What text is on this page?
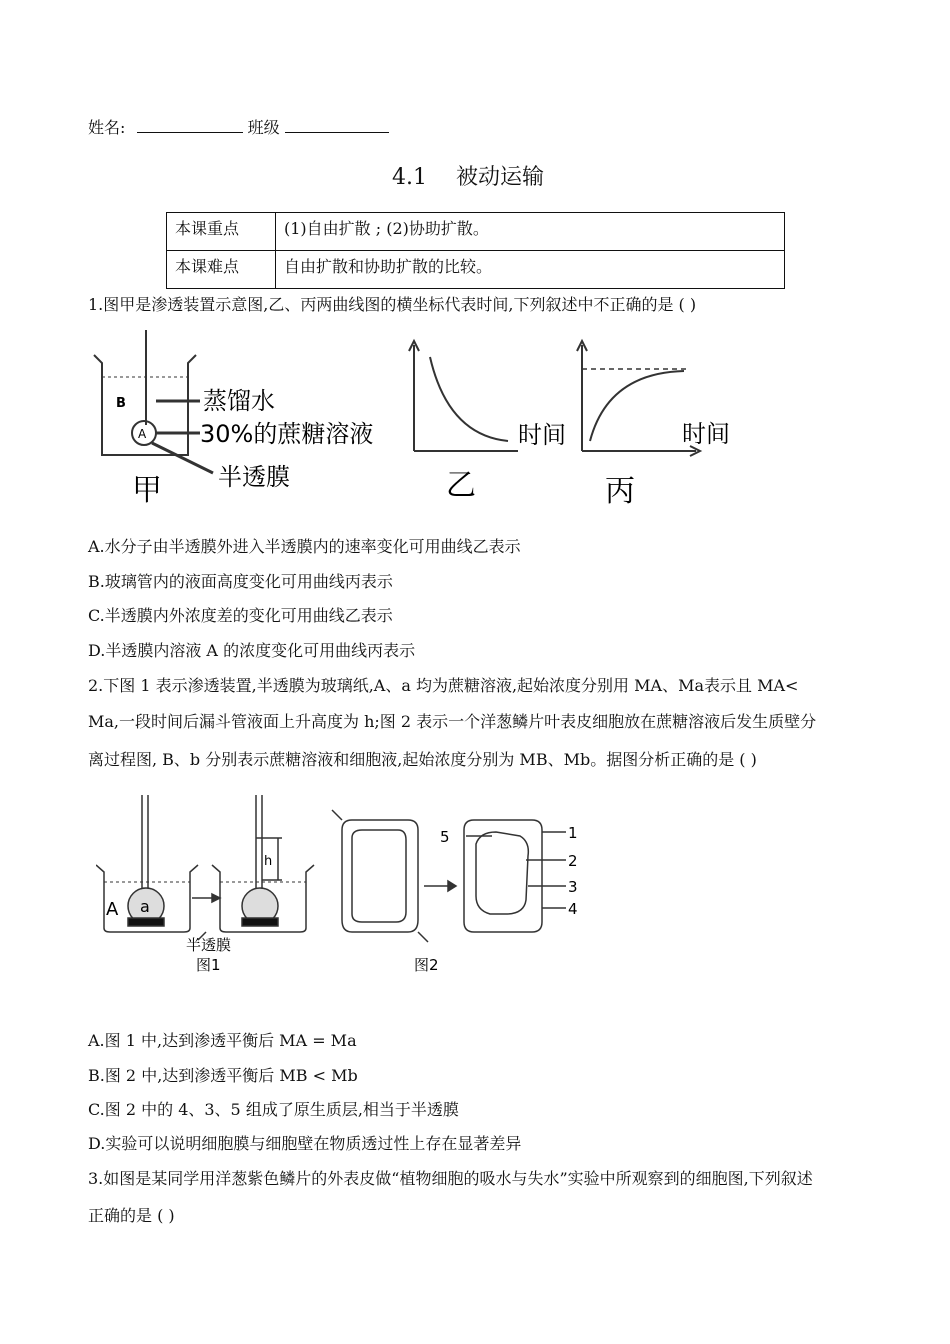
姓名:	班级
4.1 被动运输
本课重点	(1)自由扩散 ; (2)协助扩散。
本课难点	自由扩散和协助扩散的比较。
1.图甲是渗透装置示意图,乙、丙两曲线图的横坐标代表时间,下列叙述中不正确的是 ( )
B
A
蒸馏水
30%的蔗糖溶液
半透膜
甲
时间
乙
时间
丙
A.水分子由半透膜外进入半透膜内的速率变化可用曲线乙表示
B.玻璃管内的液面高度变化可用曲线丙表示
C.半透膜内外浓度差的变化可用曲线乙表示
D.半透膜内溶液 A 的浓度变化可用曲线丙表示
2.下图 1 表示渗透装置,半透膜为玻璃纸,A、a 均为蔗糖溶液,起始浓度分别用 MA、Ma表示且 MA<
Ma,一段时间后漏斗管液面上升高度为 h;图 2 表示一个洋葱鳞片叶表皮细胞放在蔗糖溶液后发生质壁分
离过程图, B、b 分别表示蔗糖溶液和细胞液,起始浓度分别为 MB、Mb。据图分析正确的是 ( )
A a
h
半透膜
图1
1
2
3
4
5
图2
A.图 1 中,达到渗透平衡后 MA = Ma
B.图 2 中,达到渗透平衡后 MB < Mb
C.图 2 中的 4、3、5 组成了原生质层,相当于半透膜
D.实验可以说明细胞膜与细胞壁在物质透过性上存在显著差异
3.如图是某同学用洋葱紫色鳞片的外表皮做“植物细胞的吸水与失水”实验中所观察到的细胞图,下列叙述
正确的是 ( )
